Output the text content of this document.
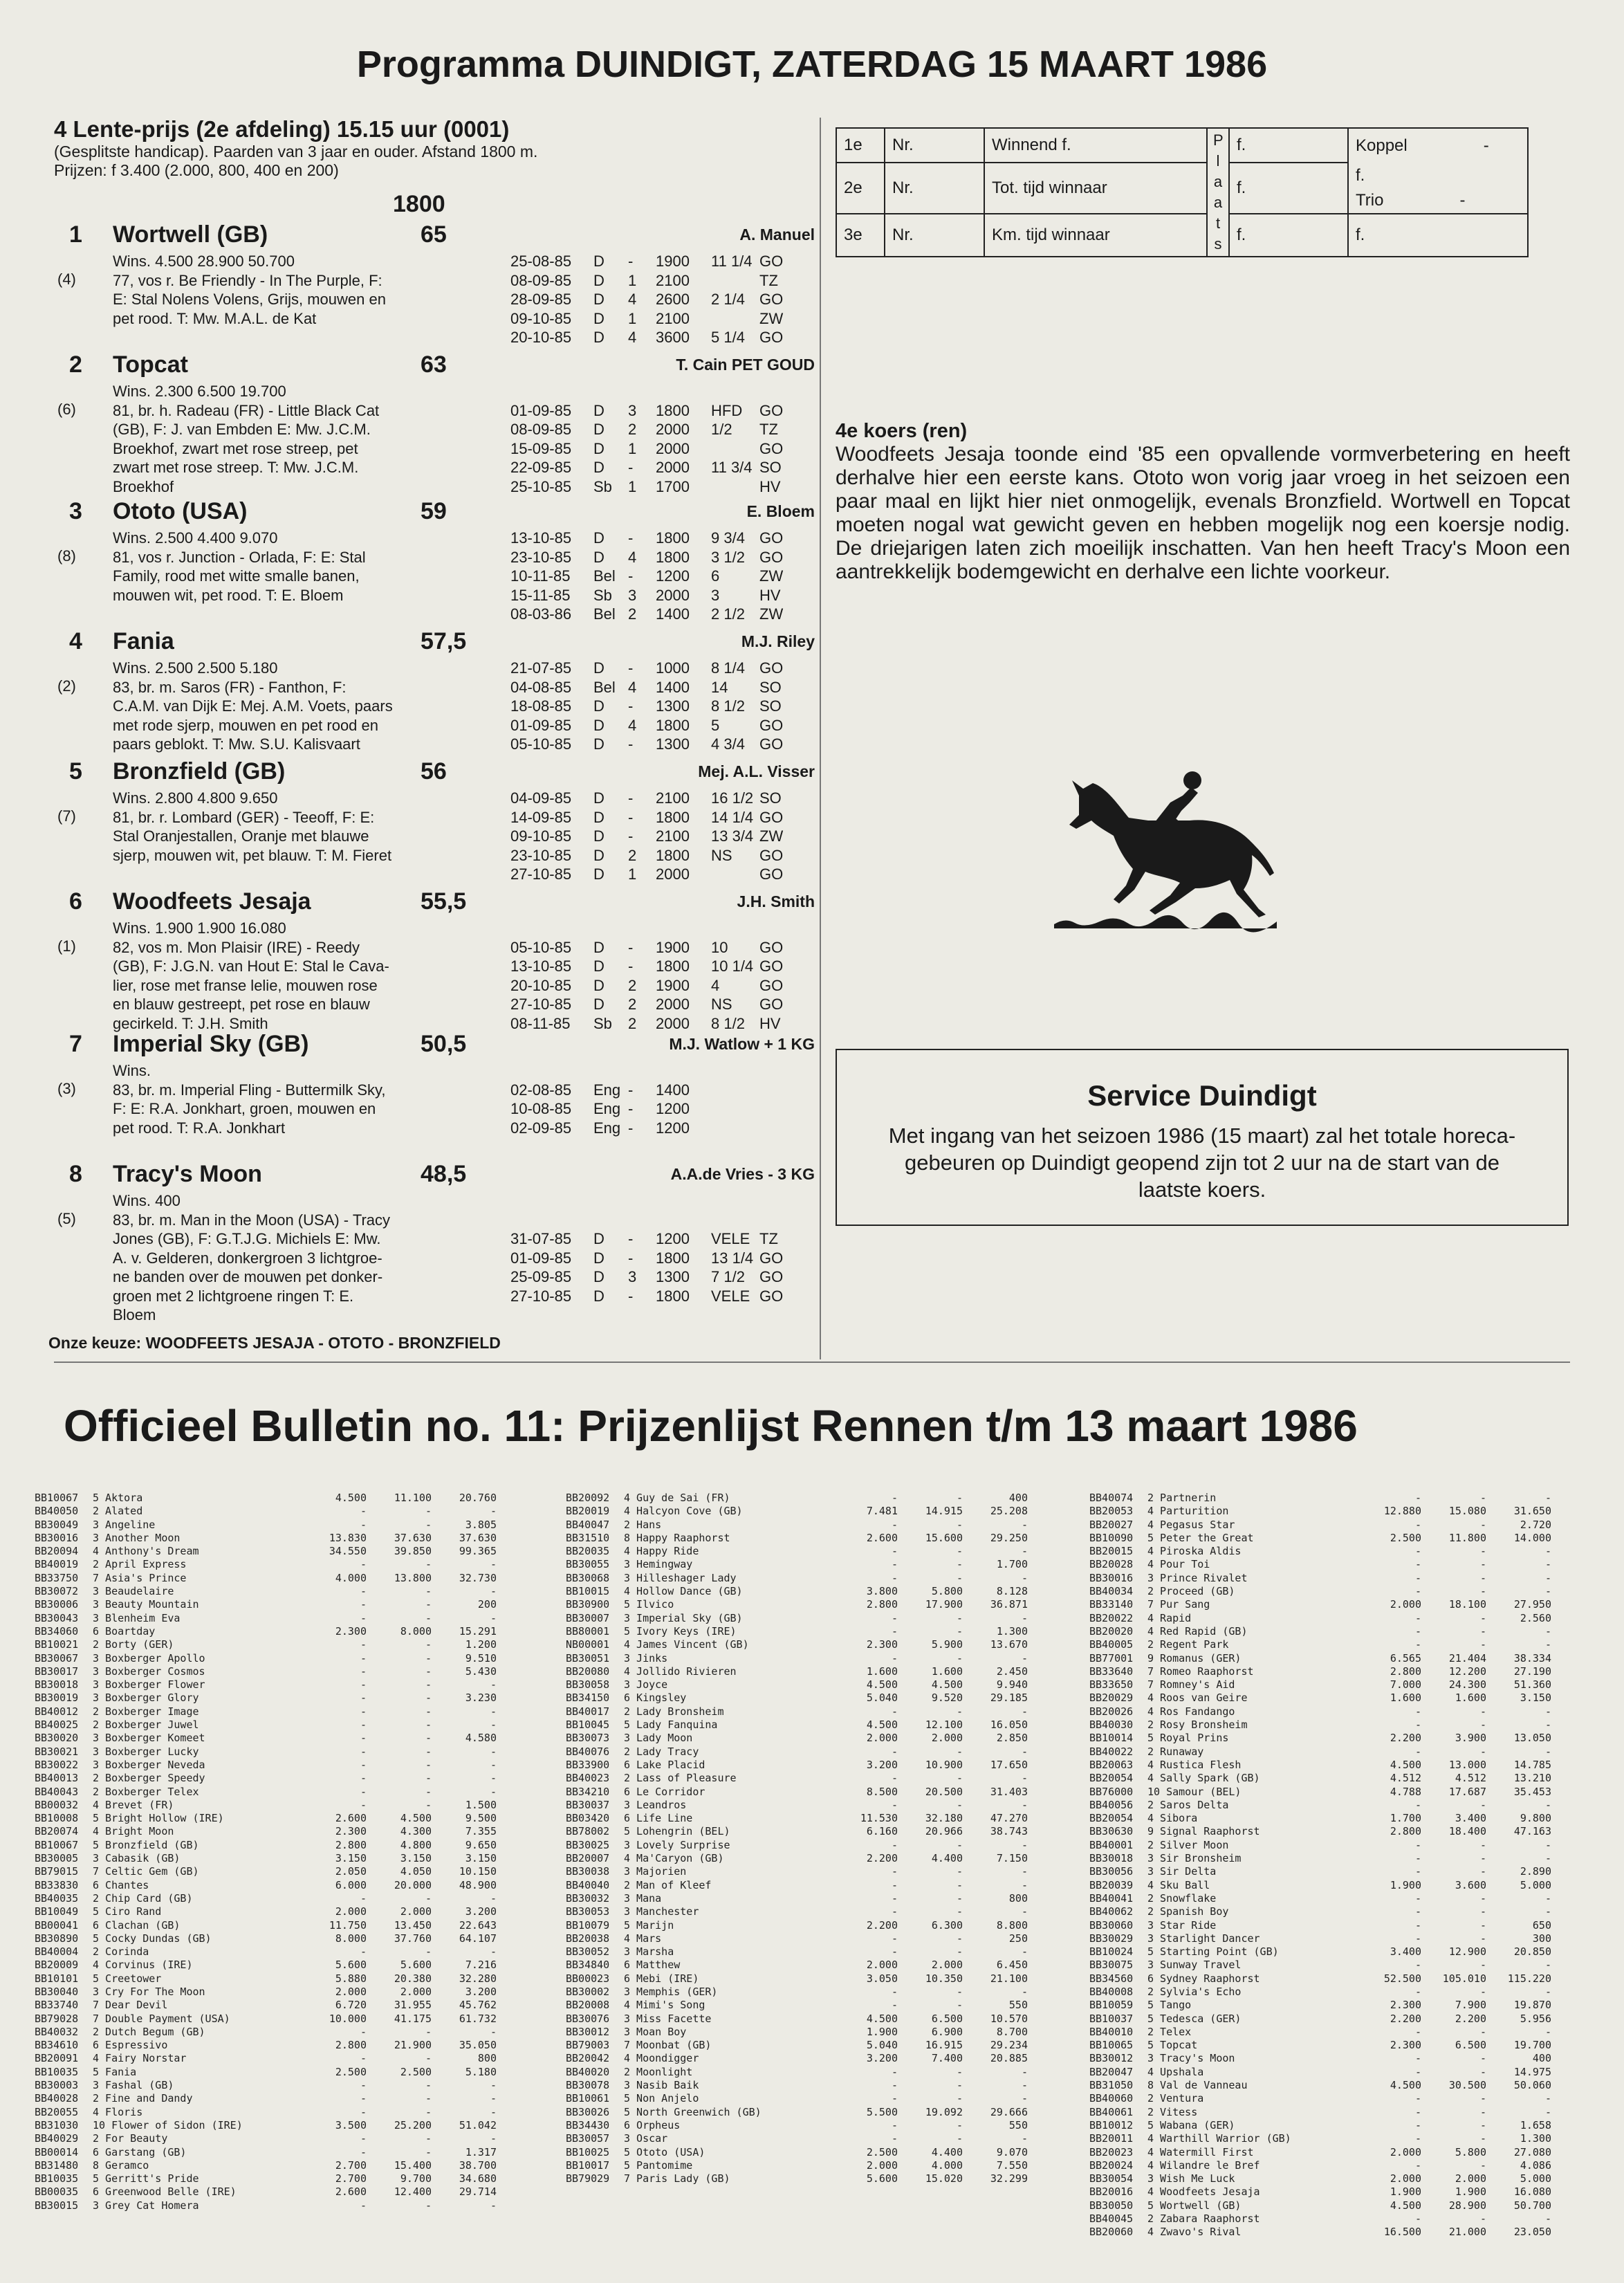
Programma DUINDIGT, ZATERDAG 15 MAART 1986
4 Lente-prijs (2e afdeling) 15.15 uur (0001)
(Gesplitste handicap). Paarden van 3 jaar en ouder. Afstand 1800 m.
Prijzen: f 3.400 (2.000, 800, 400 en 200)
1800
1 Wortwell (GB)	65	A. Manuel
(4)
Wins. 4.500 28.900 50.700
77, vos r. Be Friendly - In The Purple, F:
E: Stal Nolens Volens, Grijs, mouwen en
pet rood. T: Mw. M.A.L. de Kat
25-08-85 D - 1900 11 1/4 GO
08-09-85 D 1 2100	TZ
28-09-85 D 4 2600 2 1/4 GO
09-10-85 D 1 2100	ZW
20-10-85 D 4 3600 5 1/4 GO
2 Topcat	63	T. Cain PET GOUD
(6)
Wins. 2.300 6.500 19.700
81, br. h. Radeau (FR) - Little Black Cat
(GB), F: J. van Embden E: Mw. J.C.M.
Broekhof, zwart met rose streep, pet
zwart met rose streep. T: Mw. J.C.M.
Broekhof
01-09-85 D 3 1800 HFD GO
08-09-85 D 2 2000 1/2 TZ
15-09-85 D 1 2000	GO
22-09-85 D - 2000 11 3/4 SO
25-10-85 Sb 1 1700	HV
3 Ototo (USA)	59	E. Bloem
(8)
Wins. 2.500 4.400 9.070
81, vos r. Junction - Orlada, F: E: Stal
Family, rood met witte smalle banen,
mouwen wit, pet rood. T: E. Bloem
13-10-85 D - 1800 9 3/4 GO
23-10-85 D 4 1800 3 1/2 GO
10-11-85 Bel - 1200 6	ZW
15-11-85 Sb 3 2000 3	HV
08-03-86 Bel 2 1400 2 1/2 ZW
4 Fania	57,5	M.J. Riley
(2)
Wins. 2.500 2.500 5.180
83, br. m. Saros (FR) - Fanthon, F:
C.A.M. van Dijk E: Mej. A.M. Voets, paars
met rode sjerp, mouwen en pet rood en
paars geblokt. T: Mw. S.U. Kalisvaart
21-07-85 D - 1000 8 1/4 GO
04-08-85 Bel 4 1400 14 SO
18-08-85 D - 1300 8 1/2 SO
01-09-85 D 4 1800 5	GO
05-10-85 D - 1300 4 3/4 GO
5 Bronzfield (GB)	56	Mej. A.L. Visser
(7)
Wins. 2.800 4.800 9.650
81, br. r. Lombard (GER) - Teeoff, F: E:
Stal Oranjestallen, Oranje met blauwe
sjerp, mouwen wit, pet blauw. T: M. Fieret
04-09-85 D - 2100 16 1/2 SO
14-09-85 D - 1800 14 1/4 GO
09-10-85 D - 2100 13 3/4 ZW
23-10-85 D 2 1800 NS GO
27-10-85 D 1 2000	GO
6 Woodfeets Jesaja	55,5	J.H. Smith
(1)
Wins. 1.900 1.900 16.080
82, vos m. Mon Plaisir (IRE) - Reedy
(GB), F: J.G.N. van Hout E: Stal le Cava-
lier, rose met franse lelie, mouwen rose
en blauw gestreept, pet rose en blauw
gecirkeld. T: J.H. Smith
05-10-85 D - 1900 10 GO
13-10-85 D - 1800 10 1/4 GO
20-10-85 D 2 1900 4	GO
27-10-85 D 2 2000 NS GO
08-11-85 Sb 2 2000 8 1/2 HV
7 Imperial Sky (GB)	50,5	M.J. Watlow + 1 KG
(3)
Wins.
83, br. m. Imperial Fling - Buttermilk Sky,
F: E: R.A. Jonkhart, groen, mouwen en
pet rood. T: R.A. Jonkhart
02-08-85 Eng - 1400
10-08-85 Eng - 1200
02-09-85 Eng - 1200
8 Tracy's Moon	48,5	A.A.de Vries - 3 KG
(5)
Wins. 400
83, br. m. Man in the Moon (USA) - Tracy
Jones (GB), F: G.T.J.G. Michiels E: Mw.
A. v. Gelderen, donkergroen 3 lichtgroe-
ne banden over de mouwen pet donker-
groen met 2 lichtgroene ringen T: E.
Bloem
31-07-85 D - 1200 VELE TZ
01-09-85 D - 1800 13 1/4 GO
25-09-85 D 3 1300 7 1/2 GO
27-10-85 D - 1800 VELE GO
Onze keuze: WOODFEETS JESAJA - OTOTO - BRONZFIELD
1e	Nr.	Winnend f.	P l a a t s	f.	Koppel -
2e	Nr.	Tot. tijd winnaar		f.	f.
Trio -

3e	Nr.	Km. tijd winnaar		f.	f.
4e koers (ren)
Woodfeets Jesaja toonde eind '85 een opvallende vormverbetering en heeft derhalve hier een eerste kans. Ototo won vorig jaar vroeg in het seizoen een paar maal en lijkt hier niet onmogelijk, evenals Bronzfield. Wortwell en Topcat moeten nogal wat gewicht geven en hebben mogelijk nog een koersje nodig. De driejarigen laten zich moeilijk inschatten. Van hen heeft Tracy's Moon een aantrekkelijk bodemgewicht en derhalve een lichte voorkeur.
Service Duindigt
Met ingang van het seizoen 1986 (15 maart) zal het totale horeca-gebeuren op Duindigt geopend zijn tot 2 uur na de start van de laatste koers.
Officieel Bulletin no. 11: Prijzenlijst Rennen t/m 13 maart 1986
BB10067 5 Aktora	4.500	11.100	20.760
BB40050 2 Alated	-	-	-
BB30049 3 Angeline	-	-	3.805
BB30016 3 Another Moon	13.830	37.630	37.630
BB20094 4 Anthony's Dream	34.550	39.850	99.365
BB40019 2 April Express	-	-	-
BB33750 7 Asia's Prince	4.000	13.800	32.730
BB30072 3 Beaudelaire	-	-	-
BB30006 3 Beauty Mountain	-	-	200
BB30043 3 Blenheim Eva	-	-	-
BB34060 6 Boartday	2.300	8.000	15.291
BB10021 2 Borty (GER)	-	-	1.200
BB30067 3 Boxberger Apollo	-	-	9.510
BB30017 3 Boxberger Cosmos	-	-	5.430
BB30018 3 Boxberger Flower	-	-	-
BB30019 3 Boxberger Glory	-	-	3.230
BB40012 2 Boxberger Image	-	-	-
BB40025 2 Boxberger Juwel	-	-	-
BB30020 3 Boxberger Komeet	-	-	4.580
BB30021 3 Boxberger Lucky	-	-	-
BB30022 3 Boxberger Neveda	-	-	-
BB40013 2 Boxberger Speedy	-	-	-
BB40043 2 Boxberger Telex	-	-	-
BB00032 4 Brevet (FR)	-	-	1.500
BB10008 5 Bright Hollow (IRE)	2.600	4.500	9.500
BB20074 4 Bright Moon	2.300	4.300	7.355
BB10067 5 Bronzfield (GB)	2.800	4.800	9.650
BB30005 3 Cabasik (GB)	3.150	3.150	3.150
BB79015 7 Celtic Gem (GB)	2.050	4.050	10.150
BB33830 6 Chantes	6.000	20.000	48.900
BB40035 2 Chip Card (GB)	-	-	-
BB10049 5 Ciro Rand	2.000	2.000	3.200
BB00041 6 Clachan (GB)	11.750	13.450	22.643
BB30890 5 Cocky Dundas (GB)	8.000	37.760	64.107
BB40004 2 Corinda	-	-	-
BB20009 4 Corvinus (IRE)	5.600	5.600	7.216
BB10101 5 Creetower	5.880	20.380	32.280
BB30040 3 Cry For The Moon	2.000	2.000	3.200
BB33740 7 Dear Devil	6.720	31.955	45.762
BB79028 7 Double Payment (USA)	10.000	41.175	61.732
BB40032 2 Dutch Begum (GB)	-	-	-
BB34610 6 Espressivo	2.800	21.900	35.050
BB20091 4 Fairy Norstar	-	-	800
BB10035 5 Fania	2.500	2.500	5.180
BB30003 3 Fashal (GB)	-	-	-
BB40028 2 Fine and Dandy	-	-	-
BB20055 4 Floris	-	-	-
BB31030 10 Flower of Sidon (IRE)	3.500	25.200	51.042
BB40029 2 For Beauty	-	-	-
BB00014 6 Garstang (GB)	-	-	1.317
BB31480 8 Geramco	2.700	15.400	38.700
BB10035 5 Gerritt's Pride	2.700	9.700	34.680
BB00035 6 Greenwood Belle (IRE)	2.600	12.400	29.714
BB30015 3 Grey Cat Homera	-	-	-
BB20092 4 Guy de Sai (FR)	-	-	400
BB20019 4 Halcyon Cove (GB)	7.481	14.915	25.208
BB40047 2 Hans	-	-	-
BB31510 8 Happy Raaphorst	2.600	15.600	29.250
BB20035 4 Happy Ride	-	-	-
BB30055 3 Hemingway	-	-	1.700
BB30068 3 Hilleshager Lady	-	-	-
BB10015 4 Hollow Dance (GB)	3.800	5.800	8.128
BB30900 5 Ilvico	2.800	17.900	36.871
BB30007 3 Imperial Sky (GB)	-	-	-
BB80001 5 Ivory Keys (IRE)	-	-	1.300
NB00001 4 James Vincent (GB)	2.300	5.900	13.670
BB30051 3 Jinks	-	-	-
BB20080 4 Jollido Rivieren	1.600	1.600	2.450
BB30058 3 Joyce	4.500	4.500	9.940
BB34150 6 Kingsley	5.040	9.520	29.185
BB40017 2 Lady Bronsheim	-	-	-
BB10045 5 Lady Fanquina	4.500	12.100	16.050
BB30073 3 Lady Moon	2.000	2.000	2.850
BB40076 2 Lady Tracy	-	-	-
BB33900 6 Lake Placid	3.200	10.900	17.650
BB40023 2 Lass of Pleasure	-	-	-
BB34210 6 Le Corridor	8.500	20.500	31.403
BB30037 3 Leandros	-	-	-
BB03420 6 Life Line	11.530	32.180	47.270
BB78002 5 Lohengrin (BEL)	6.160	20.966	38.743
BB30025 3 Lovely Surprise	-	-	-
BB20007 4 Ma'Caryon (GB)	2.200	4.400	7.150
BB30038 3 Majorien	-	-	-
BB40040 2 Man of Kleef	-	-	-
BB30032 3 Mana	-	-	800
BB30053 3 Manchester	-	-	-
BB10079 5 Marijn	2.200	6.300	8.800
BB20038 4 Mars	-	-	250
BB30052 3 Marsha	-	-	-
BB34840 6 Matthew	2.000	2.000	6.450
BB00023 6 Mebi (IRE)	3.050	10.350	21.100
BB30002 3 Memphis (GER)	-	-	-
BB20008 4 Mimi's Song	-	-	550
BB30076 3 Miss Facette	4.500	6.500	10.570
BB30012 3 Moan Boy	1.900	6.900	8.700
BB79003 7 Moonbat (GB)	5.040	16.915	29.234
BB20042 4 Moondigger	3.200	7.400	20.885
BB40020 2 Moonlight	-	-	-
BB30078 3 Nasib Baik	-	-	-
BB10061 5 Non Anjelo	-	-	-
BB30026 5 North Greenwich (GB)	5.500	19.092	29.666
BB34430 6 Orpheus	-	-	550
BB30057 3 Oscar	-	-	-
BB10025 5 Ototo (USA)	2.500	4.400	9.070
BB10017 5 Pantomime	2.000	4.000	7.550
BB79029 7 Paris Lady (GB)	5.600	15.020	32.299
BB40074 2 Partnerin	-	-	-
BB20053 4 Parturition	12.880	15.080	31.650
BB20027 4 Pegasus Star	-	-	2.720
BB10090 5 Peter the Great	2.500	11.800	14.000
BB20015 4 Piroska Aldis	-	-	-
BB20028 4 Pour Toi	-	-	-
BB30016 3 Prince Rivalet	-	-	-
BB40034 2 Proceed (GB)	-	-	-
BB33140 7 Pur Sang	2.000	18.100	27.950
BB20022 4 Rapid	-	-	2.560
BB20020 4 Red Rapid (GB)	-	-	-
BB40005 2 Regent Park	-	-	-
BB77001 9 Romanus (GER)	6.565	21.404	38.334
BB33640 7 Romeo Raaphorst	2.800	12.200	27.190
BB33650 7 Romney's Aid	7.000	24.300	51.360
BB20029 4 Roos van Geire	1.600	1.600	3.150
BB20026 4 Ros Fandango	-	-	-
BB40030 2 Rosy Bronsheim	-	-	-
BB10014 5 Royal Prins	2.200	3.900	13.050
BB40022 2 Runaway	-	-	-
BB20063 4 Rustica Flesh	4.500	13.000	14.785
BB20054 4 Sally Spark (GB)	4.512	4.512	13.210
BB76000 10 Samour (BEL)	4.788	17.687	35.453
BB40056 2 Saros Delta	-	-	-
BB20054 4 Sibora	1.700	3.400	9.800
BB30630 9 Signal Raaphorst	2.800	18.400	47.163
BB40001 2 Silver Moon	-	-	-
BB30018 3 Sir Bronsheim	-	-	-
BB30056 3 Sir Delta	-	-	2.890
BB20039 4 Sku Ball	1.900	3.600	5.000
BB40041 2 Snowflake	-	-	-
BB40062 2 Spanish Boy	-	-	-
BB30060 3 Star Ride	-	-	650
BB30029 3 Starlight Dancer	-	-	300
BB10024 5 Starting Point (GB)	3.400	12.900	20.850
BB30075 3 Sunway Travel	-	-	-
BB34560 6 Sydney Raaphorst	52.500	105.010	115.220
BB40008 2 Sylvia's Echo	-	-	-
BB10059 5 Tango	2.300	7.900	19.870
BB10037 5 Tedesca (GER)	2.200	2.200	5.956
BB40010 2 Telex	-	-	-
BB10065 5 Topcat	2.300	6.500	19.700
BB30012 3 Tracy's Moon	-	-	400
BB20047 4 Upshala	-	-	14.975
BB31050 8 Val de Vanneau	4.500	30.500	50.060
BB40060 2 Ventura	-	-	-
BB40061 2 Vitess	-	-	-
BB10012 5 Wabana (GER)	-	-	1.658
BB20011 4 Warthill Warrior (GB)	-	-	1.300
BB20023 4 Watermill First	2.000	5.800	27.080
BB20024 4 Wilandre le Bref	-	-	4.086
BB30054 3 Wish Me Luck	2.000	2.000	5.000
BB20016 4 Woodfeets Jesaja	1.900	1.900	16.080
BB30050 5 Wortwell (GB)	4.500	28.900	50.700
BB40045 2 Zabara Raaphorst	-	-	-
BB20060 4 Zwavo's Rival	16.500	21.000	23.050
